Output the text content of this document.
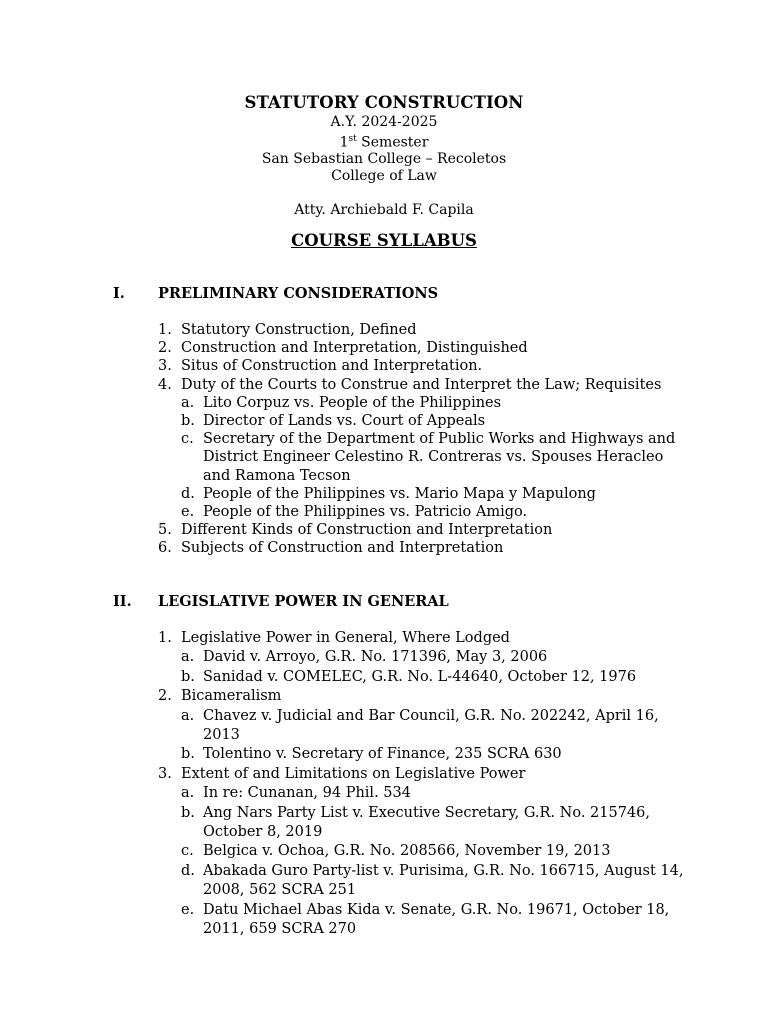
STATUTORY CONSTRUCTION
A.Y. 2024-2025
1st Semester
San Sebastian College – Recoletos
College of Law
Atty. Archiebald F. Capila
COURSE SYLLABUS
I. PRELIMINARY CONSIDERATIONS
1. Statutory Construction, Defined
2. Construction and Interpretation, Distinguished
3. Situs of Construction and Interpretation.
4. Duty of the Courts to Construe and Interpret the Law; Requisites
a. Lito Corpuz vs. People of the Philippines
b. Director of Lands vs. Court of Appeals
c. Secretary of the Department of Public Works and Highways and District Engineer Celestino R. Contreras vs. Spouses Heracleo and Ramona Tecson
d. People of the Philippines vs. Mario Mapa y Mapulong
e. People of the Philippines vs. Patricio Amigo.
5. Different Kinds of Construction and Interpretation
6. Subjects of Construction and Interpretation
II. LEGISLATIVE POWER IN GENERAL
1. Legislative Power in General, Where Lodged
a. David v. Arroyo, G.R. No. 171396, May 3, 2006
b. Sanidad v. COMELEC, G.R. No. L-44640, October 12, 1976
2. Bicameralism
a. Chavez v. Judicial and Bar Council, G.R. No. 202242, April 16, 2013
b. Tolentino v. Secretary of Finance, 235 SCRA 630
3. Extent of and Limitations on Legislative Power
a. In re: Cunanan, 94 Phil. 534
b. Ang Nars Party List v. Executive Secretary, G.R. No. 215746, October 8, 2019
c. Belgica v. Ochoa, G.R. No. 208566, November 19, 2013
d. Abakada Guro Party-list v. Purisima, G.R. No. 166715, August 14, 2008, 562 SCRA 251
e. Datu Michael Abas Kida v. Senate, G.R. No. 19671, October 18, 2011, 659 SCRA 270
